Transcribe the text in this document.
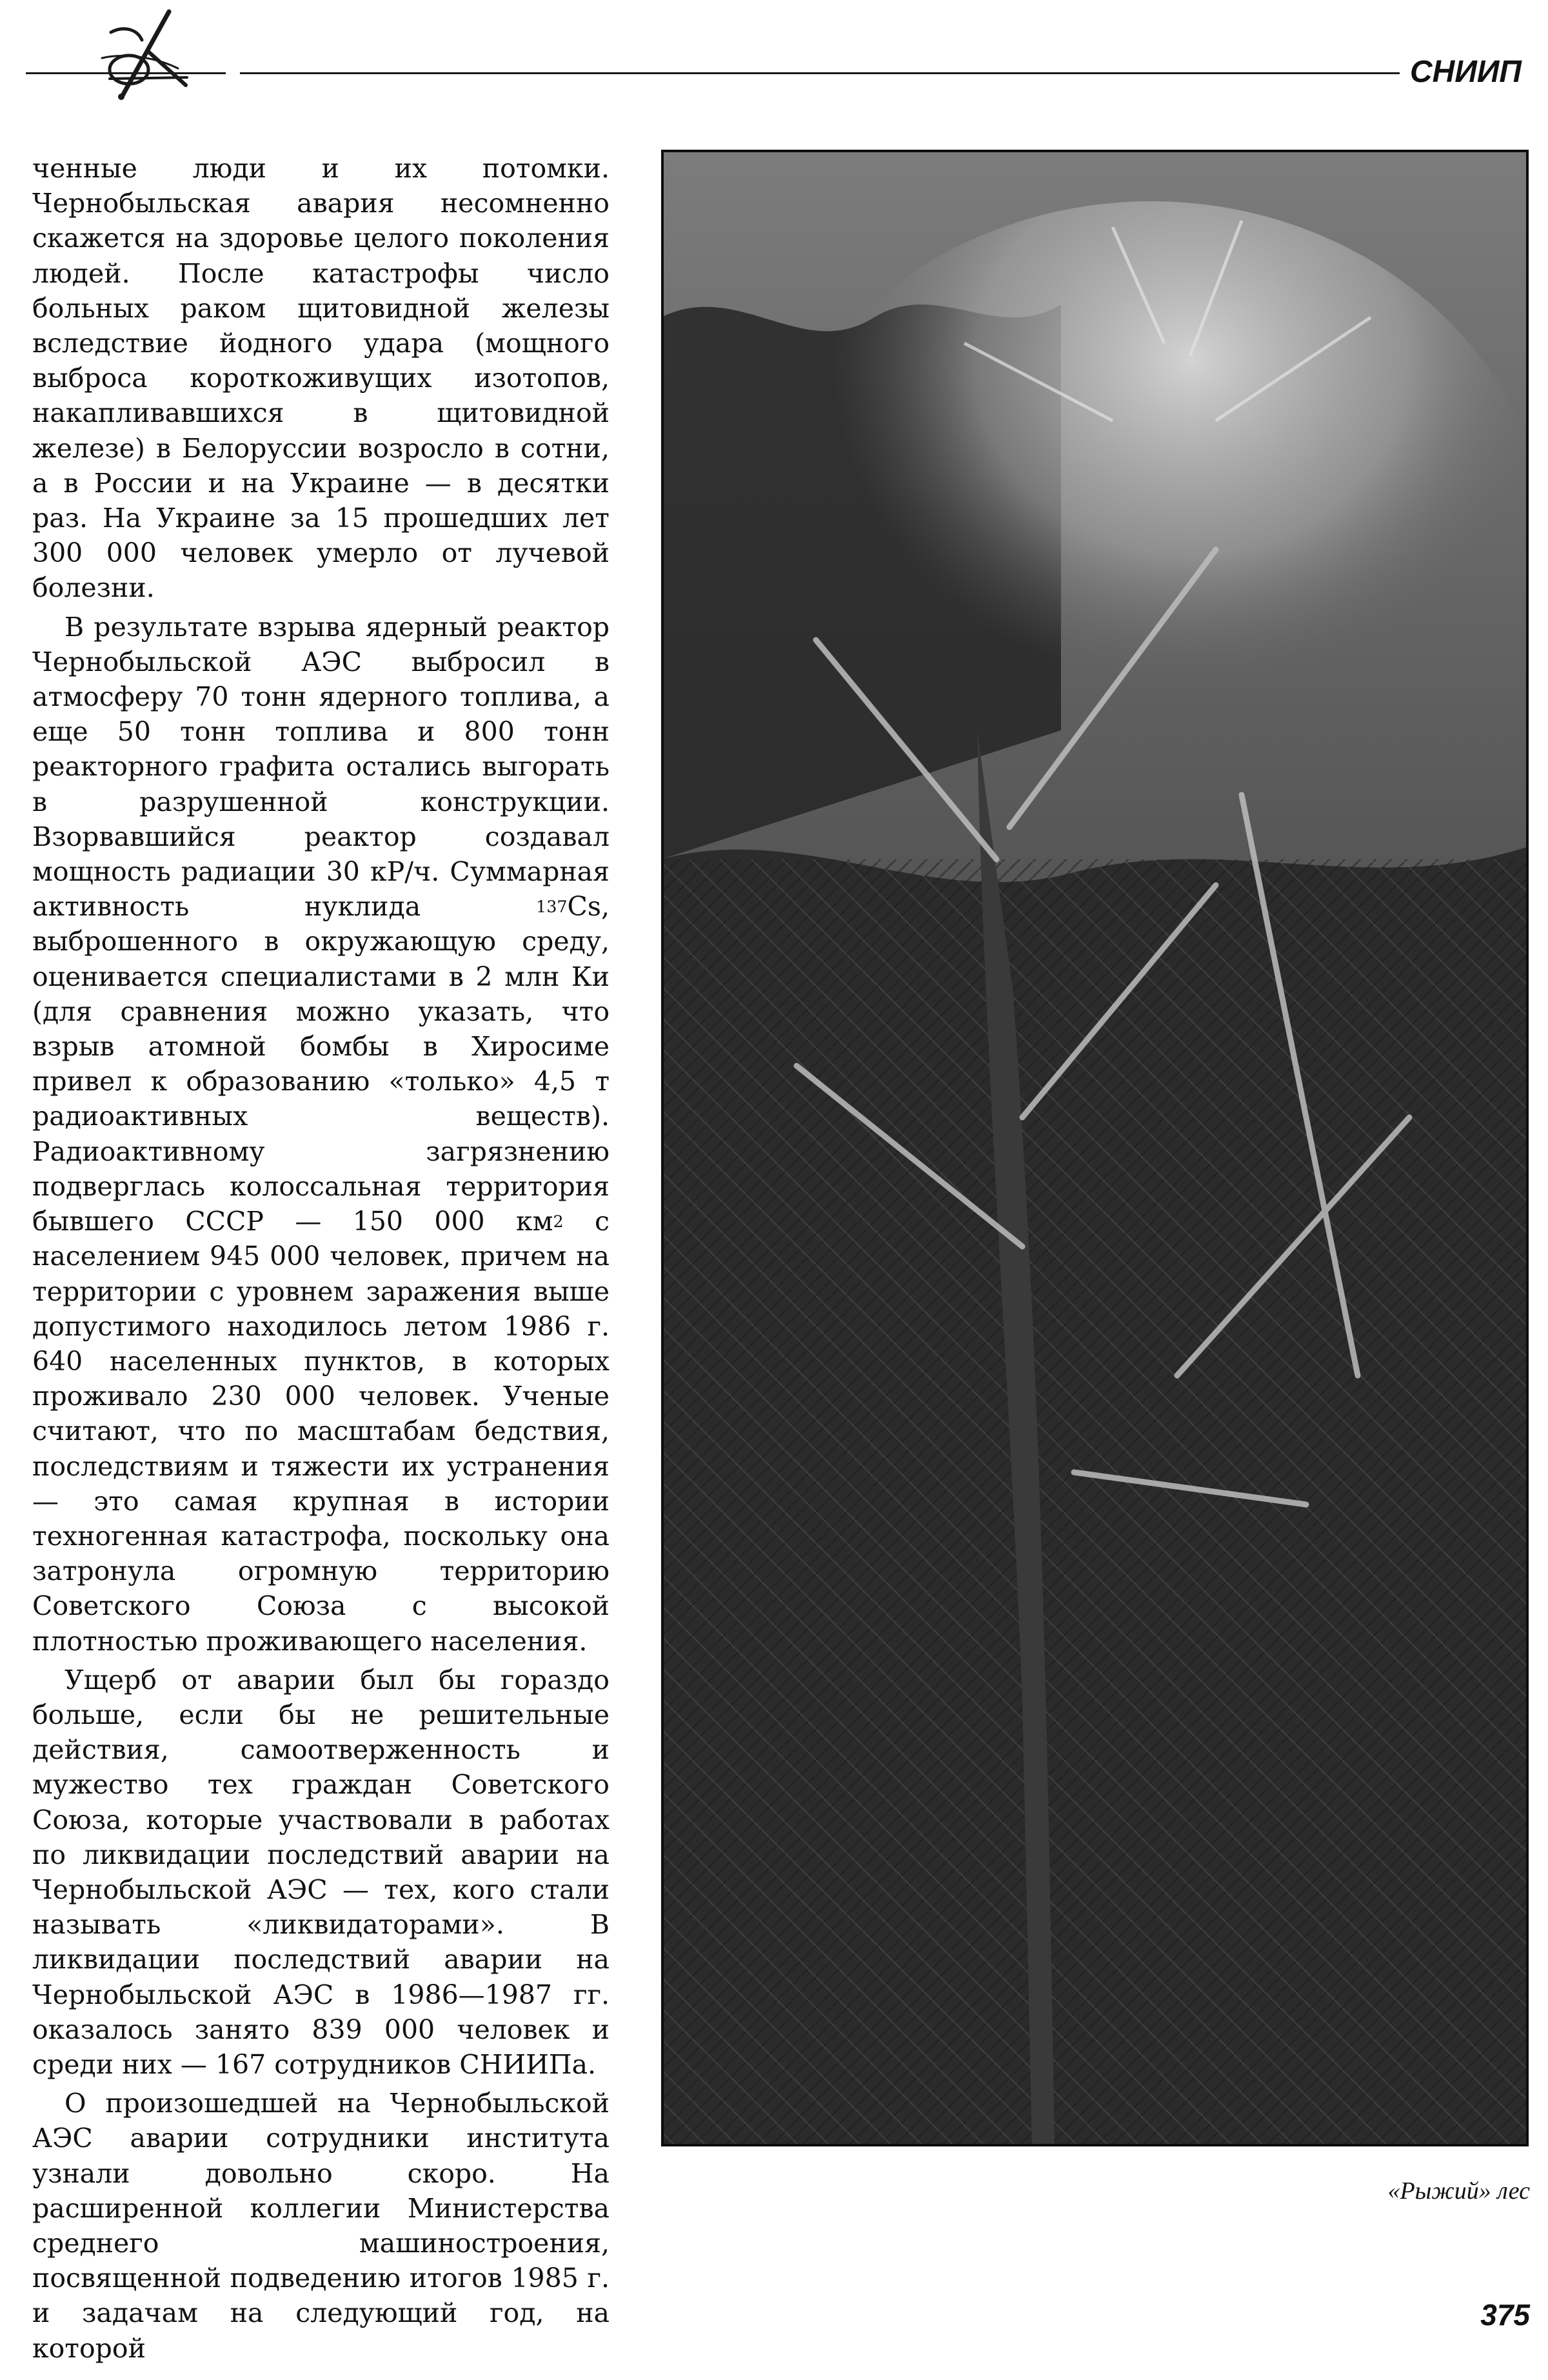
СНИИП

ченные люди и их потомки. Чернобыльская авария несомненно скажется на здоровье целого поколения людей. После катастрофы число больных раком щитовидной железы вследствие йодного удара (мощного выброса короткоживущих изотопов, накапливавшихся в щитовидной железе) в Белоруссии возросло в сотни, а в России и на Украине — в десятки раз. На Украине за 15 прошедших лет 300 000 человек умерло от лучевой болезни.

В результате взрыва ядерный реактор Чернобыльской АЭС выбросил в атмосферу 70 тонн ядерного топлива, а еще 50 тонн топлива и 800 тонн реакторного графита остались выгорать в разрушенной конструкции. Взорвавшийся реактор создавал мощность радиации 30 кР/ч. Суммарная активность нуклида $^{137}$Cs, выброшенного в окружающую среду, оценивается специалистами в 2 млн Ки (для сравнения можно указать, что взрыв атомной бомбы в Хиросиме привел к образованию «только» 4,5 т радиоактивных веществ). Радиоактивному загрязнению подверглась колоссальная территория бывшего СССР — 150 000 $км^2$ с населением 945 000 человек, причем на территории с уровнем заражения выше допустимого находилось летом 1986 г. 640 населенных пунктов, в которых проживало 230 000 человек. Ученые считают, что по масштабам бедствия, последствиям и тяжести их устранения — это самая крупная в истории техногенная катастрофа, поскольку она затронула огромную территорию Советского Союза с высокой плотностью проживающего населения.

Ущерб от аварии был бы гораздо больше, если бы не решительные действия, самоотверженность и мужество тех граждан Советского Союза, которые участвовали в работах по ликвидации последствий аварии на Чернобыльской АЭС — тех, кого стали называть «ликвидаторами». В ликвидации последствий аварии на Чернобыльской АЭС в 1986—1987 гг. оказалось занято 839 000 человек и среди них — 167 сотрудников СНИИПа.

О произошедшей на Чернобыльской АЭС аварии сотрудники института узнали довольно скоро. На расширенной коллегии Министерства среднего машиностроения, посвященной подведению итогов 1985 г. и задачам на следующий год, на которой

«Рыжий» лес
375
